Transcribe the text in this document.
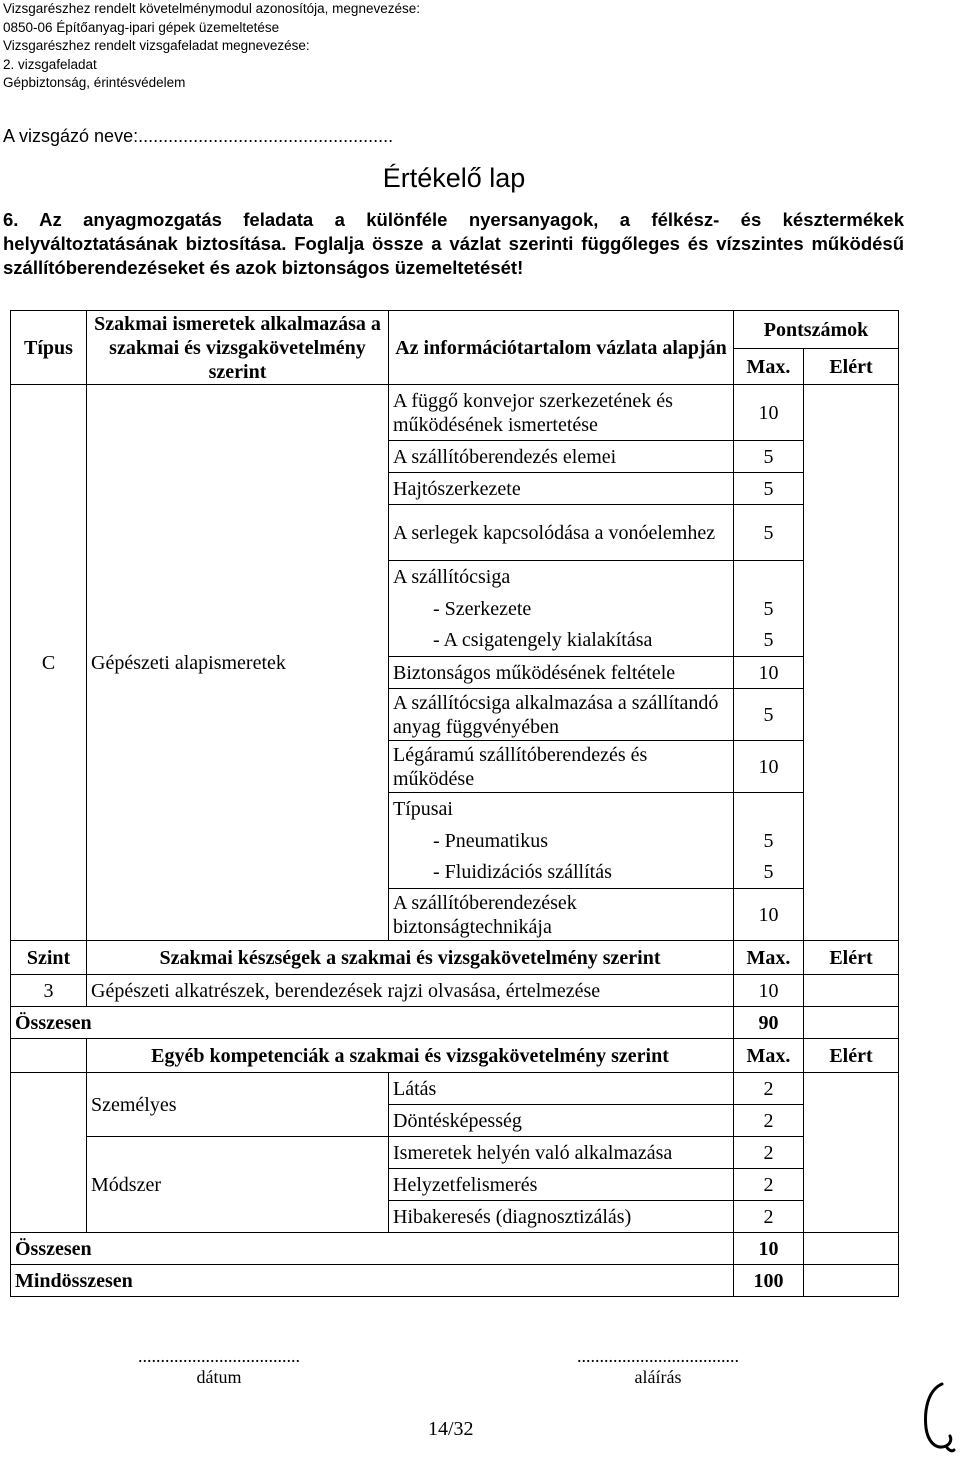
Vizsgarészhez rendelt követelménymodul azonosítója, megnevezése:
0850-06 Építőanyag-ipari gépek üzemeltetése
Vizsgarészhez rendelt vizsgafeladat megnevezése:
2. vizsgafeladat
Gépbiztonság, érintésvédelem
A vizsgázó neve:...................................................
Értékelő lap
6. Az anyagmozgatás feladata a különféle nyersanyagok, a félkész- és késztermékek helyváltoztatásának biztosítása. Foglalja össze a vázlat szerinti függőleges és vízszintes működésű szállítóberendezéseket és azok biztonságos üzemeltetését!
Típus	Szakmai ismeretek alkalmazása a szakmai és vizsgakövetelmény szerint	Az információtartalom vázlata alapján	Pontszámok	
			Max.	Elért
C	Gépészeti alapismeretek	A függő konvejor szerkezetének és működésének ismertetése	10	
		A szállítóberendezés elemei	5	
		Hajtószerkezete	5	
		A serlegek kapcsolódása a vonóelemhez	5	
		A szállítócsiga		
		- Szerkezete	5	
		- A csigatengely kialakítása	5	
		Biztonságos működésének feltétele	10	
		A szállítócsiga alkalmazása a szállítandó anyag függvényében	5	
		Légáramú szállítóberendezés és működése	10	
		Típusai		
		- Pneumatikus	5	
		- Fluidizációs szállítás	5	
		A szállítóberendezések biztonságtechnikája	10	
Szint	Szakmai készségek a szakmai és vizsgakövetelmény szerint		Max.	Elért
3	Gépészeti alkatrészek, berendezések rajzi olvasása, értelmezése		10	
Összesen			90	
	Egyéb kompetenciák a szakmai és vizsgakövetelmény szerint		Max.	Elért
	Személyes	Látás	2	
		Döntésképesség	2	
	Módszer	Ismeretek helyén való alkalmazása	2	
		Helyzetfelismerés	2	
		Hibakeresés (diagnosztizálás)	2	
Összesen			10	
Mindösszesen			100	
....................................
dátum
....................................
aláírás
14/32
